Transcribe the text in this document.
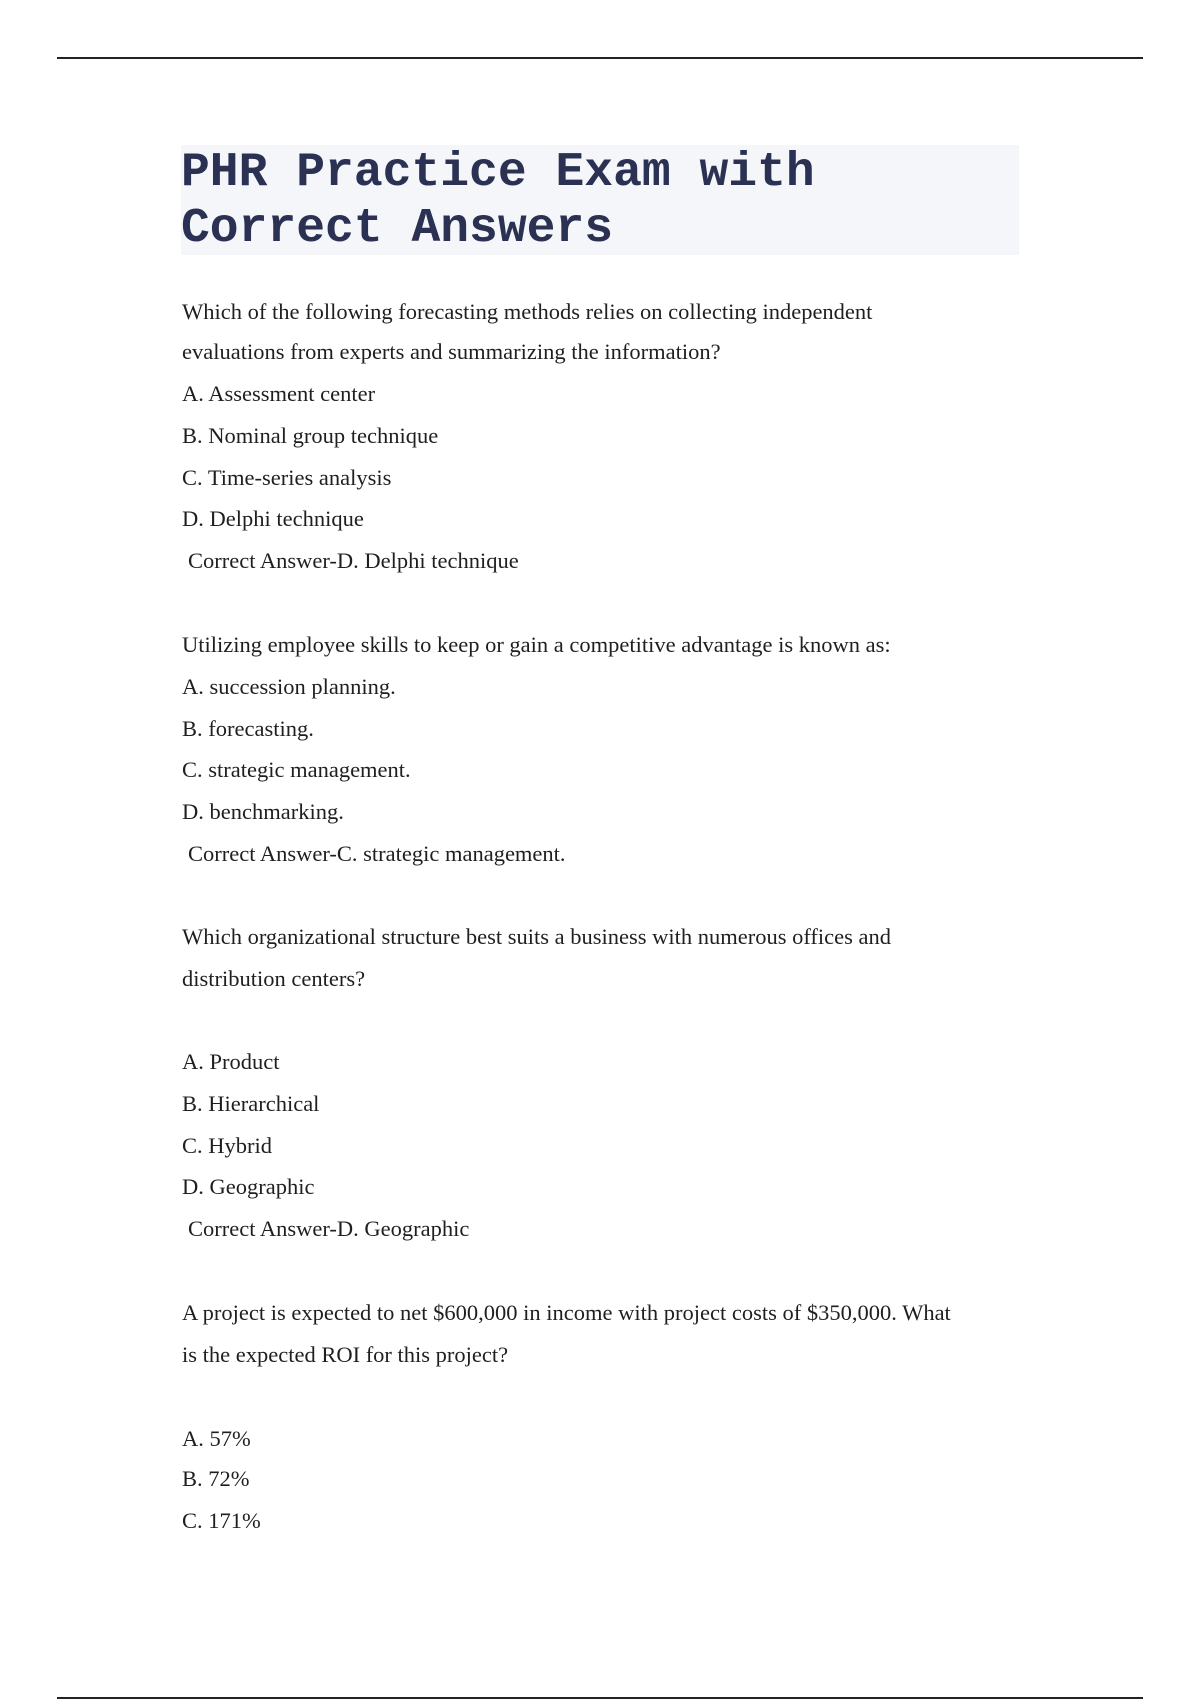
PHR Practice Exam with
Correct Answers

Which of the following forecasting methods relies on collecting independent

evaluations from experts and summarizing the information?

A. Assessment center

B. Nominal group technique

C. Time-series analysis

D. Delphi technique

Correct Answer-D. Delphi technique

Utilizing employee skills to keep or gain a competitive advantage is known as:

A. succession planning.

B. forecasting.

C. strategic management.

D. benchmarking.

Correct Answer-C. strategic management.

Which organizational structure best suits a business with numerous offices and

distribution centers?

A. Product

B. Hierarchical

C. Hybrid

D. Geographic

Correct Answer-D. Geographic

A project is expected to net $600,000 in income with project costs of $350,000. What

is the expected ROI for this project?

A. 57%

B. 72%

C. 171%
